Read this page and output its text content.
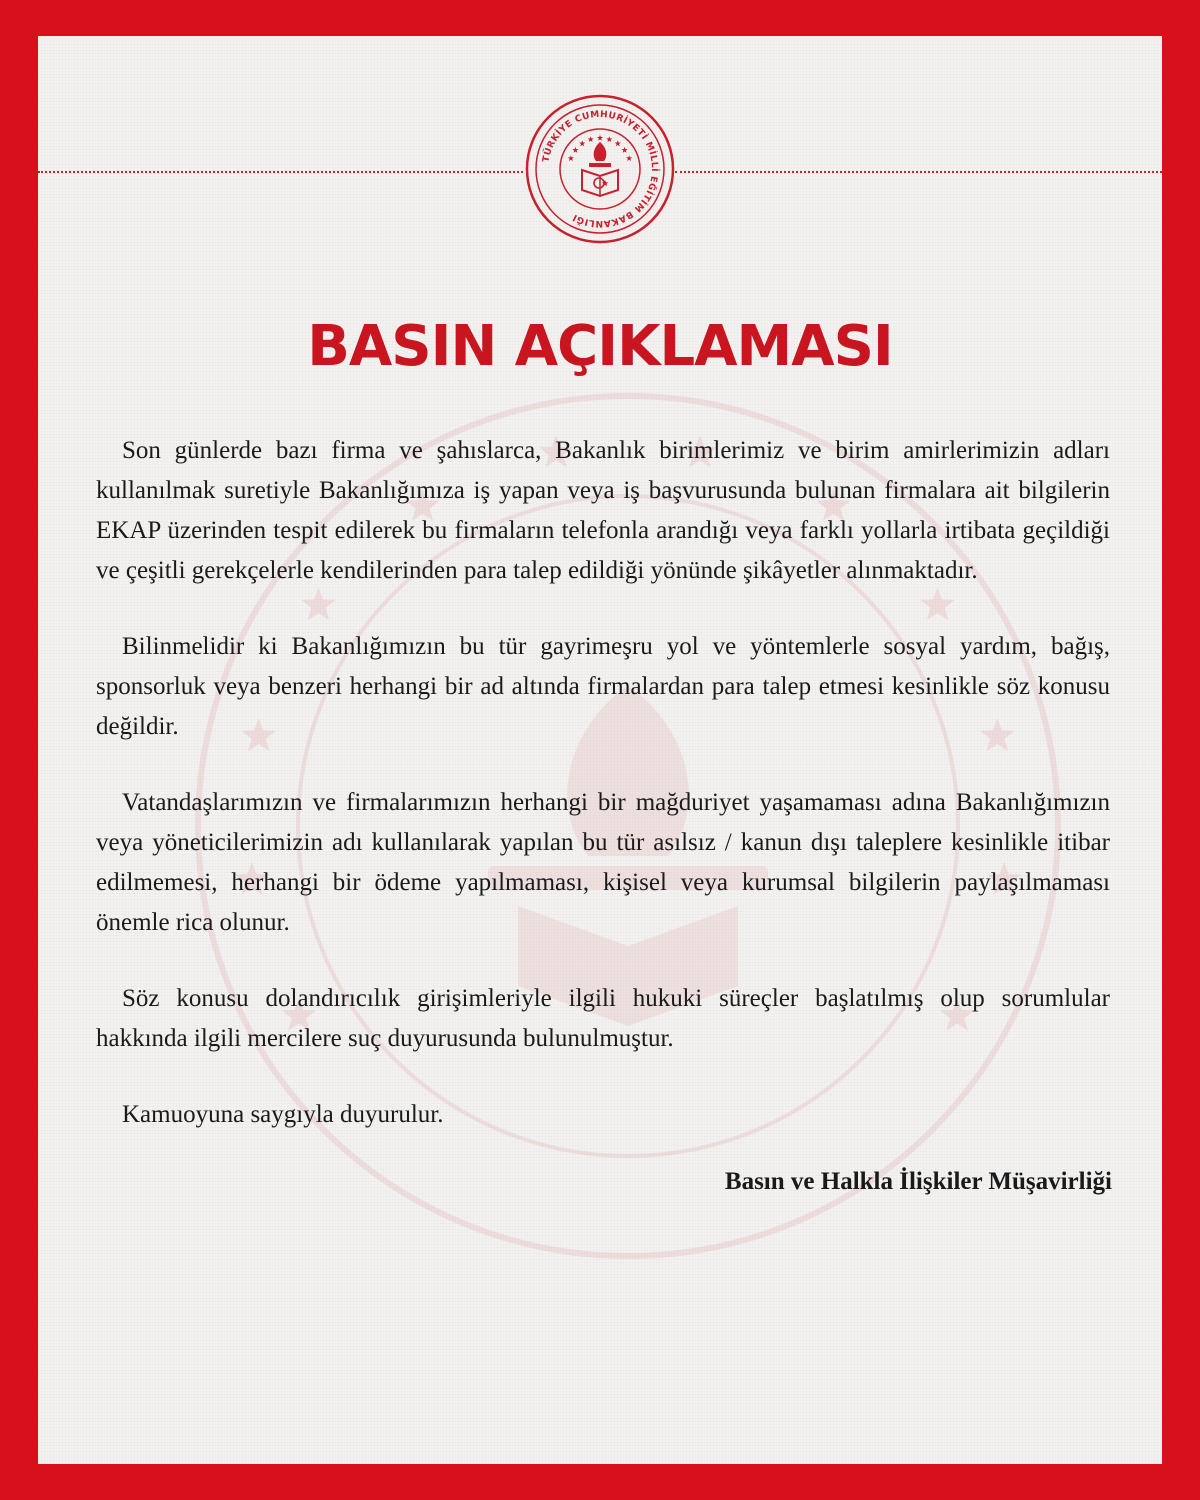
TÜRKİYE CUMHURİYETİ MİLLİ EĞİTİM BAKANLIĞI
BASIN AÇIKLAMASI

Son günlerde bazı firma ve şahıslarca, Bakanlık birimlerimiz ve birim amirlerimizin adları kullanılmak suretiyle Bakanlığımıza iş yapan veya iş başvurusunda bulunan firmalara ait bilgilerin EKAP üzerinden tespit edilerek bu firmaların telefonla arandığı veya farklı yollarla irtibata geçildiği ve çeşitli gerekçelerle kendilerinden para talep edildiği yönünde şikâyetler alınmaktadır.

Bilinmelidir ki Bakanlığımızın bu tür gayrimeşru yol ve yöntemlerle sosyal yardım, bağış, sponsorluk veya benzeri herhangi bir ad altında firmalardan para talep etmesi kesinlikle söz konusu değildir.

Vatandaşlarımızın ve firmalarımızın herhangi bir mağduriyet yaşamaması adına Bakanlığımızın veya yöneticilerimizin adı kullanılarak yapılan bu tür asılsız / kanun dışı taleplere kesinlikle itibar edilmemesi, herhangi bir ödeme yapılmaması, kişisel veya kurumsal bilgilerin paylaşılmaması önemle rica olunur.

Söz konusu dolandırıcılık girişimleriyle ilgili hukuki süreçler başlatılmış olup sorumlular hakkında ilgili mercilere suç duyurusunda bulunulmuştur.

Kamuoyuna saygıyla duyurulur.

Basın ve Halkla İlişkiler Müşavirliği
